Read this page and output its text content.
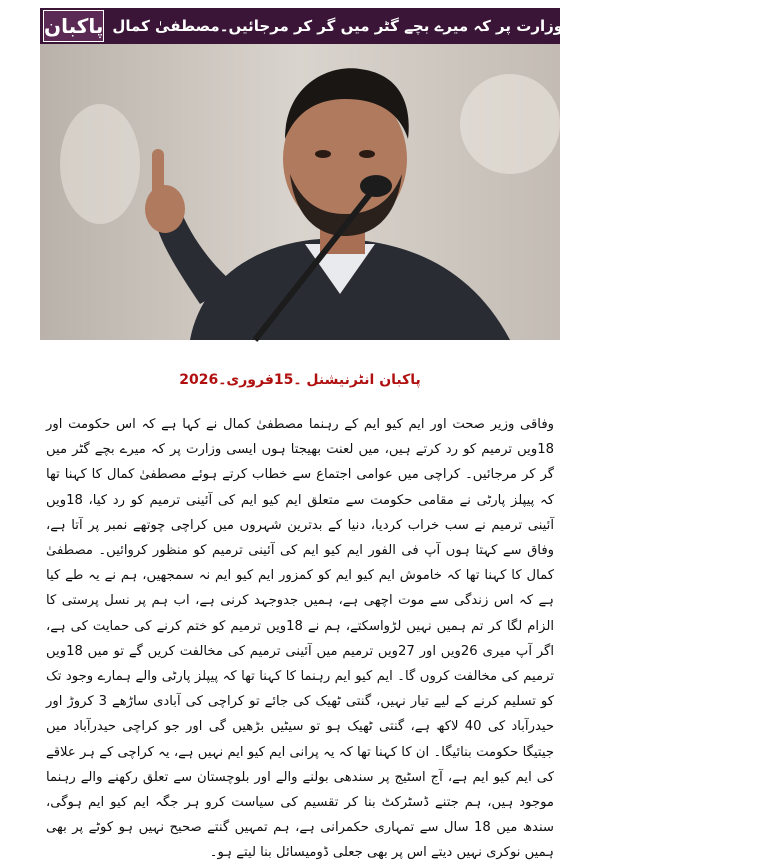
پاکبان میں لعنت بھیجتا ہوں ایسی وزارت پر کہ میرے بچے گٹر میں گر کر مرجائیں۔مصطفیٰ کمال
پاکبان انٹرنیشنل ۔15فروری۔2026
وفاقی وزیر صحت اور ایم کیو ایم کے رہنما مصطفیٰ کمال نے کہا ہے کہ اس حکومت اور 18ویں ترمیم کو رد کرتے ہیں، میں لعنت بھیجتا ہوں ایسی وزارت پر کہ میرے بچے گٹر میں گر کر مرجائیں۔ کراچی میں عوامی اجتماع سے خطاب کرتے ہوئے مصطفیٰ کمال کا کہنا تھا کہ پیپلز پارٹی نے مقامی حکومت سے متعلق ایم کیو ایم کی آئینی ترمیم کو رد کیا، 18ویں آئینی ترمیم نے سب خراب کردیا، دنیا کے بدترین شہروں میں کراچی چوتھے نمبر پر آتا ہے، وفاق سے کہتا ہوں آپ فی الفور ایم کیو ایم کی آئینی ترمیم کو منظور کروائیں۔ مصطفیٰ کمال کا کہنا تھا کہ خاموش ایم کیو ایم کو کمزور ایم کیو ایم نہ سمجھیں، ہم نے یہ طے کیا ہے کہ اس زندگی سے موت اچھی ہے، ہمیں جدوجہد کرنی ہے، اب ہم پر نسل پرستی کا الزام لگا کر تم ہمیں نہیں لڑواسکتے، ہم نے 18ویں ترمیم کو ختم کرنے کی حمایت کی ہے، اگر آپ میری 26ویں اور 27ویں ترمیم میں آئینی ترمیم کی مخالفت کریں گے تو میں 18ویں ترمیم کی مخالفت کروں گا۔ ایم کیو ایم رہنما کا کہنا تھا کہ پیپلز پارٹی والے ہمارے وجود تک کو تسلیم کرنے کے لیے تیار نہیں، گنتی ٹھیک کی جائے تو کراچی کی آبادی ساڑھے 3 کروڑ اور حیدرآباد کی 40 لاکھ ہے، گنتی ٹھیک ہو تو سیٹیں بڑھیں گی اور جو کراچی حیدرآباد میں جیتیگا حکومت بنائیگا۔ ان کا کہنا تھا کہ یہ پرانی ایم کیو ایم نہیں ہے، یہ کراچی کے ہر علاقے کی ایم کیو ایم ہے، آج اسٹیج پر سندھی بولنے والے اور بلوچستان سے تعلق رکھنے والے رہنما موجود ہیں، ہم جتنے ڈسٹرکٹ بنا کر تقسیم کی سیاست کرو ہر جگہ ایم کیو ایم ہوگی، سندھ میں 18 سال سے تمہاری حکمرانی ہے، ہم تمہیں گنتے صحیح نہیں ہو کوٹے پر بھی ہمیں نوکری نہیں دیتے اس پر بھی جعلی ڈومیسائل بنا لیتے ہو۔
